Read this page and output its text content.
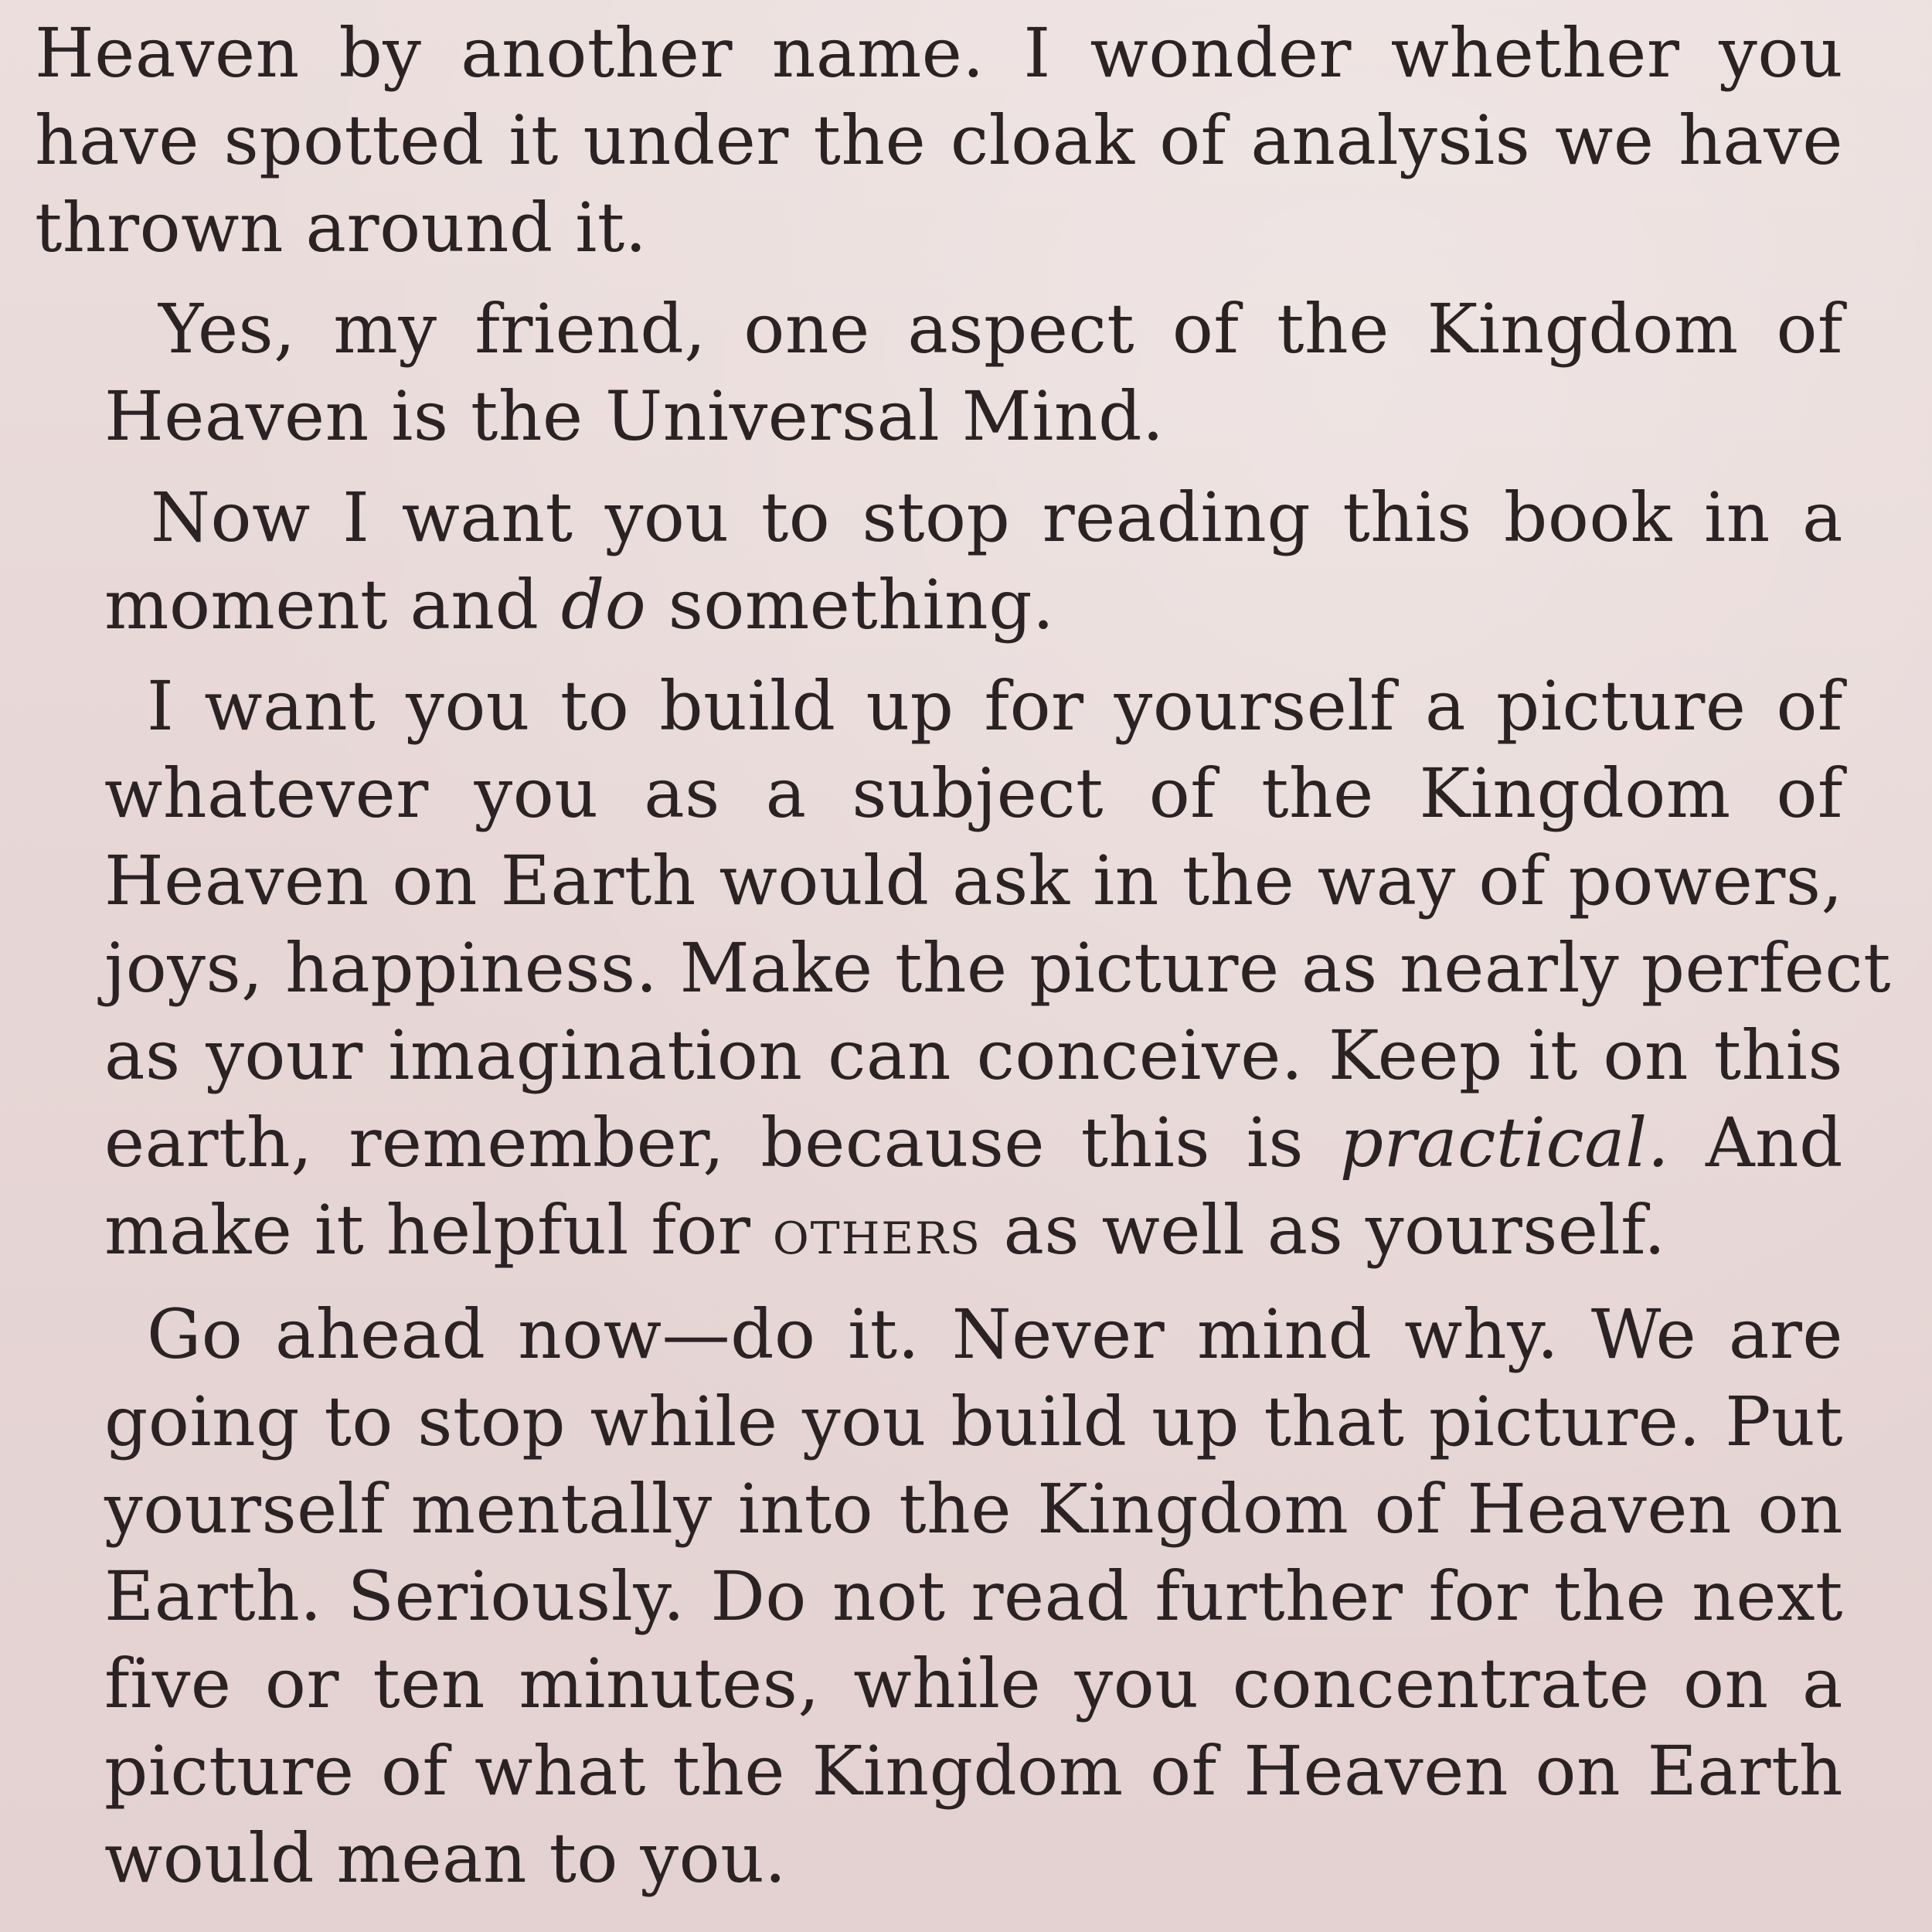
Heaven by another name. I wonder whether you
have spotted it under the cloak of analysis we have
thrown around it.

Yes, my friend, one aspect of the Kingdom of
Heaven is the Universal Mind.

Now I want you to stop reading this book in a
moment and do something.

I want you to build up for yourself a picture of
whatever you as a subject of the Kingdom of
Heaven on Earth would ask in the way of powers,
joys, happiness. Make the picture as nearly perfect
as your imagination can conceive. Keep it on this
earth, remember, because this is practical. And
make it helpful for others as well as yourself.

Go ahead now—do it. Never mind why. We are
going to stop while you build up that picture. Put
yourself mentally into the Kingdom of Heaven on
Earth. Seriously. Do not read further for the next
five or ten minutes, while you concentrate on a
picture of what the Kingdom of Heaven on Earth
would mean to you.
